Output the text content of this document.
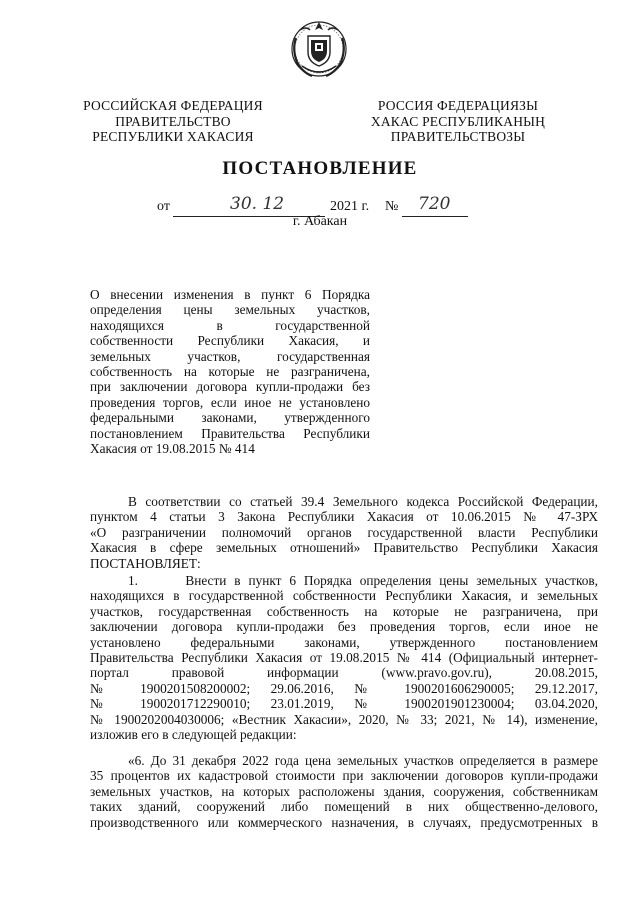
РОССИЙСКАЯ ФЕДЕРАЦИЯ
ПРАВИТЕЛЬСТВО
РЕСПУБЛИКИ ХАКАСИЯ
РОССИЯ ФЕДЕРАЦИЯЗЫ
ХАКАС РЕСПУБЛИКАНЫҢ
ПРАВИТЕЛЬСТВОЗЫ
ПОСТАНОВЛЕНИЕ
от	30. 12	2021 г. № 720
г. Абакан
О внесении изменения в пункт 6 Порядка
определения цены земельных участков,
находящихся в государственной
собственности Республики Хакасия, и
земельных участков, государственная
собственность на которые не разграничена,
при заключении договора купли-продажи без
проведения торгов, если иное не установлено
федеральными законами, утвержденного
постановлением Правительства Республики
Хакасия от 19.08.2015 № 414
В соответствии со статьей 39.4 Земельного кодекса Российской Федерации,
пунктом 4 статьи 3 Закона Республики Хакасия от 10.06.2015 № 47-ЗРХ
«О разграничении полномочий органов государственной власти Республики
Хакасия в сфере земельных отношений» Правительство Республики Хакасия
ПОСТАНОВЛЯЕТ:
1.      Внести в пункт 6 Порядка определения цены земельных участков,
находящихся в государственной собственности Республики Хакасия, и земельных
участков, государственная собственность на которые не разграничена, при
заключении договора купли-продажи без проведения торгов, если иное не
установлено федеральными законами, утвержденного постановлением
Правительства Республики Хакасия от 19.08.2015 № 414 (Официальный интернет-
портал правовой информации (www.pravo.gov.ru), 20.08.2015,
№ 1900201508200002; 29.06.2016, № 1900201606290005; 29.12.2017,
№ 1900201712290010; 23.01.2019, № 1900201901230004; 03.04.2020,
№ 1900202004030006; «Вестник Хакасии», 2020, № 33; 2021, № 14), изменение,
изложив его в следующей редакции:
«6. До 31 декабря 2022 года цена земельных участков определяется в размере
35 процентов их кадастровой стоимости при заключении договоров купли-продажи
земельных участков, на которых расположены здания, сооружения, собственникам
таких зданий, сооружений либо помещений в них общественно-делового,
производственного или коммерческого назначения, в случаях, предусмотренных в
